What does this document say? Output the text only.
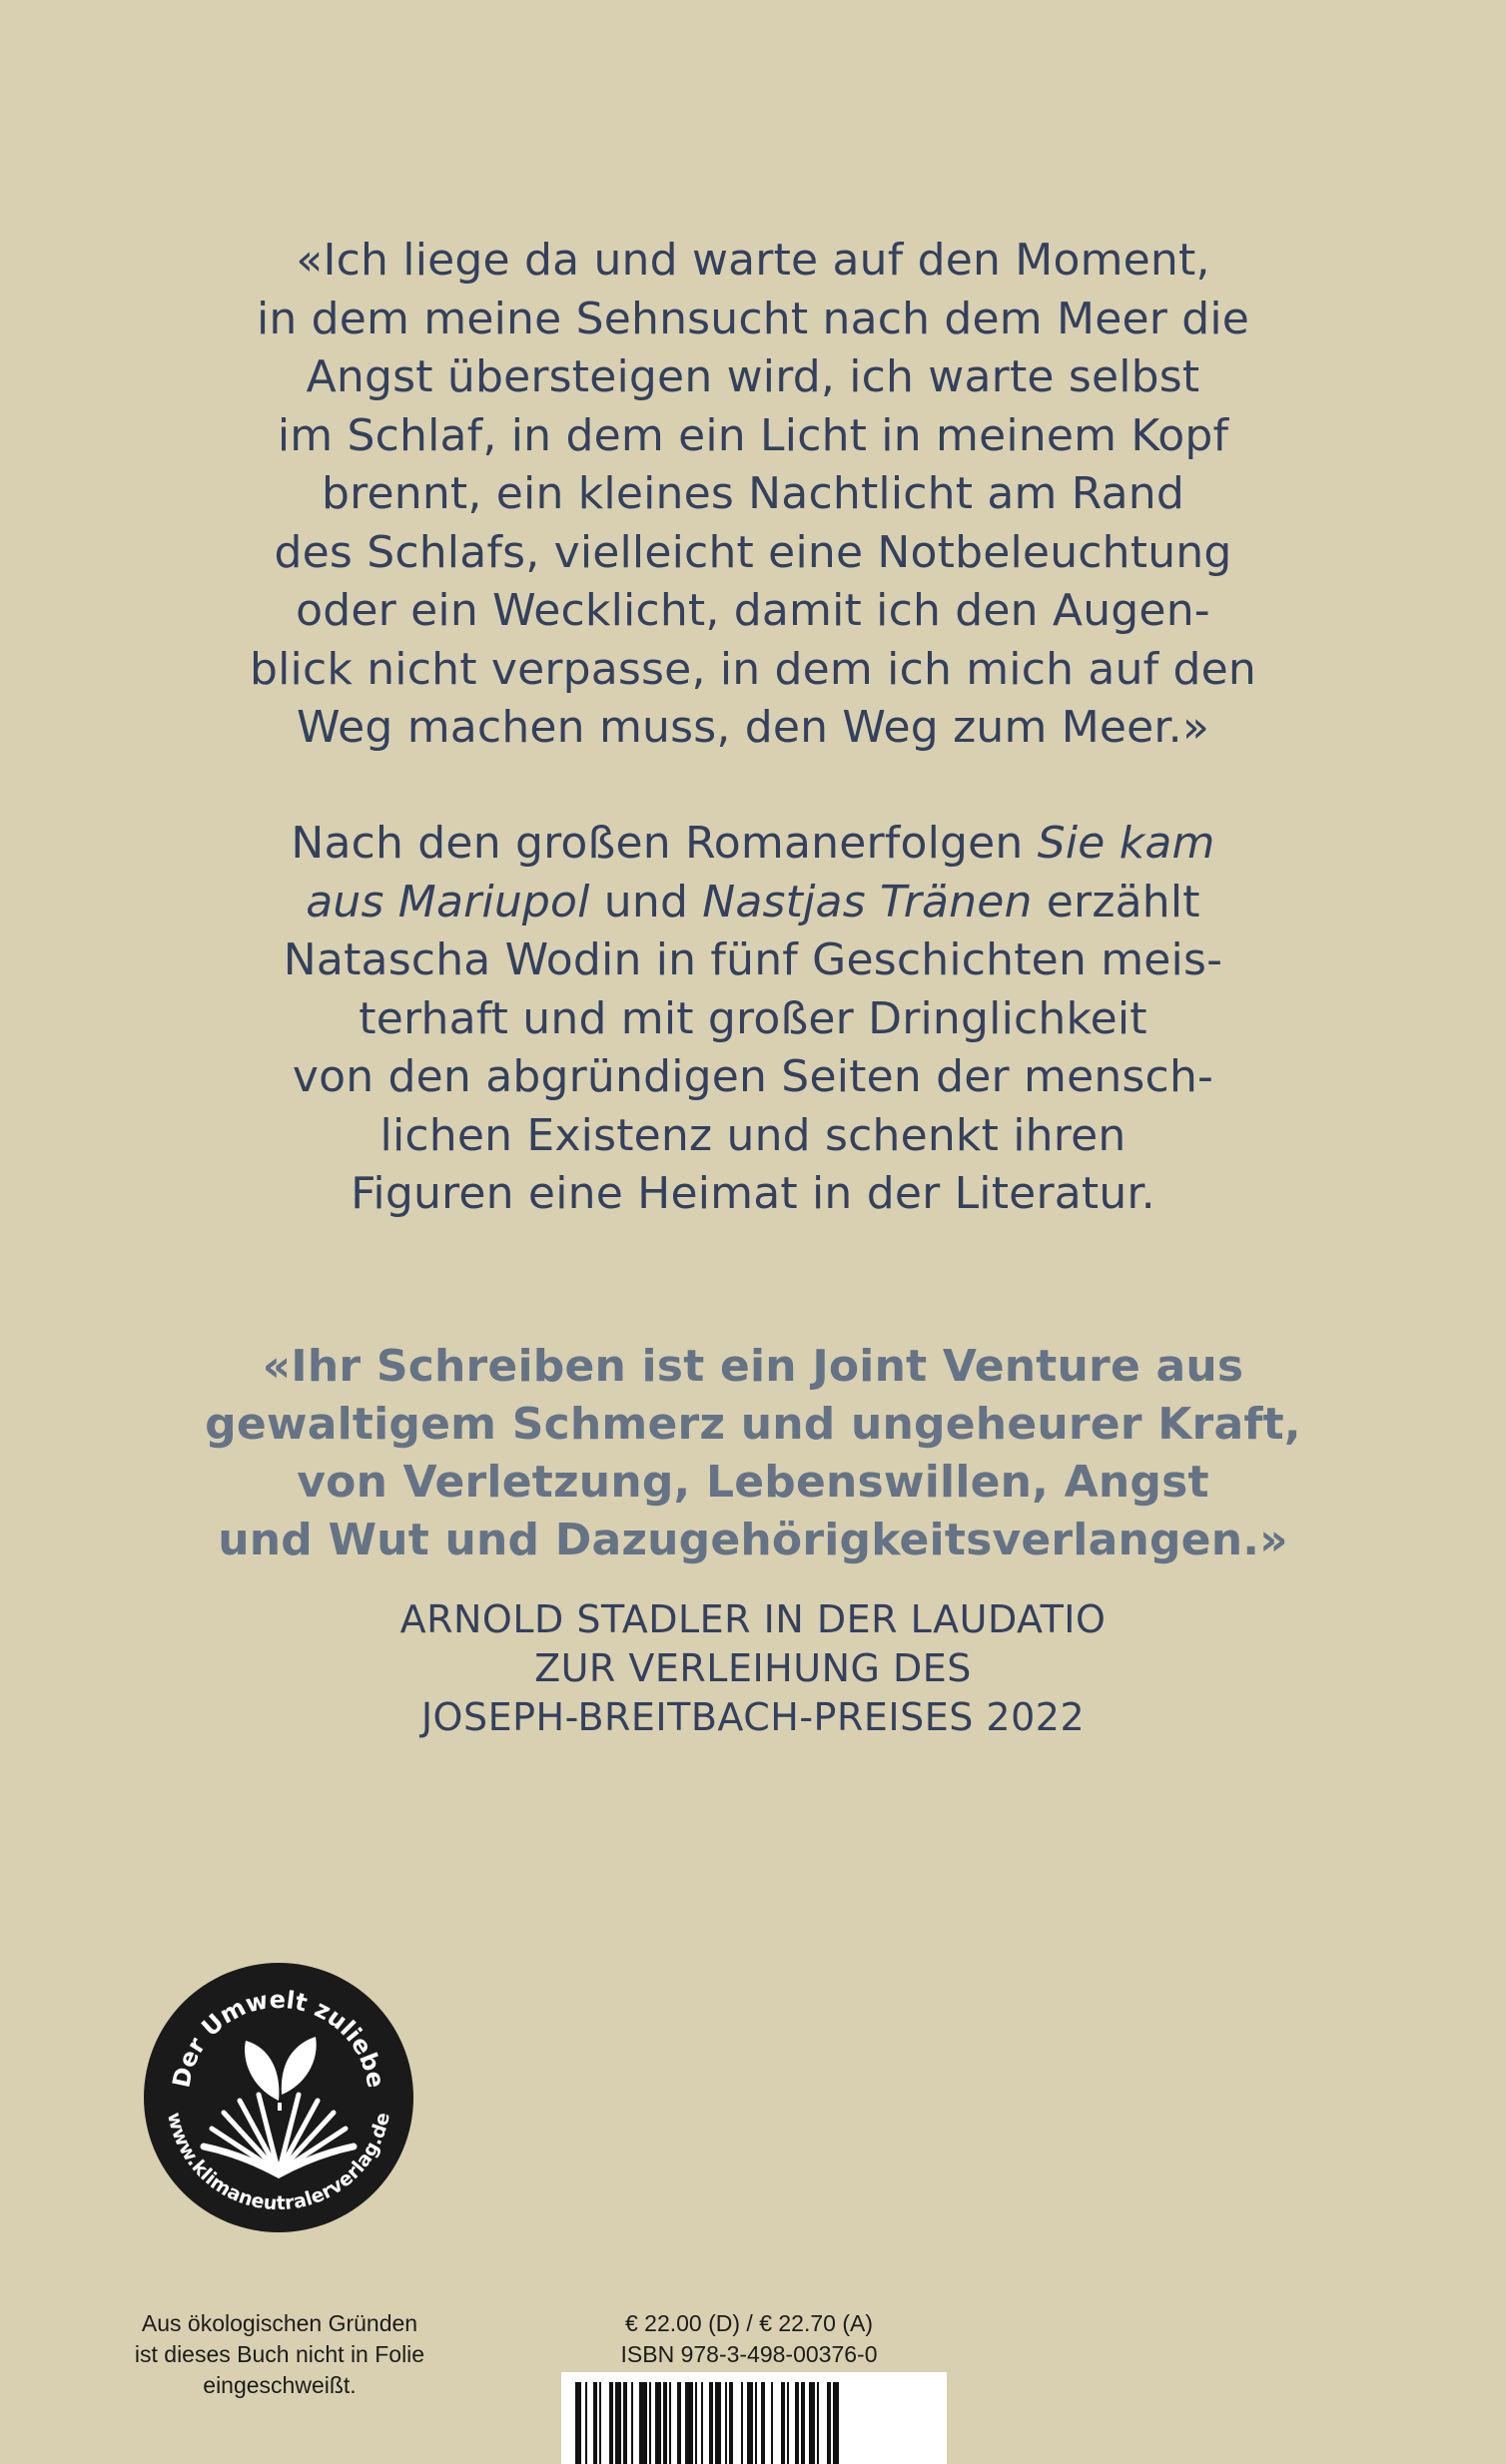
«Ich liege da und warte auf den Moment,
in dem meine Sehnsucht nach dem Meer die
Angst übersteigen wird, ich warte selbst
im Schlaf, in dem ein Licht in meinem Kopf
brennt, ein kleines Nachtlicht am Rand
des Schlafs, vielleicht eine Notbeleuchtung
oder ein Wecklicht, damit ich den Augen-
blick nicht verpasse, in dem ich mich auf den
Weg machen muss, den Weg zum Meer.»
Nach den großen Romanerfolgen Sie kam
aus Mariupol und Nastjas Tränen erzählt
Natascha Wodin in fünf Geschichten meis-
terhaft und mit großer Dringlichkeit
von den abgründigen Seiten der mensch-
lichen Existenz und schenkt ihren
Figuren eine Heimat in der Literatur.
«Ihr Schreiben ist ein Joint Venture aus
gewaltigem Schmerz und ungeheurer Kraft,
von Verletzung, Lebenswillen, Angst
und Wut und Dazugehörigkeitsverlangen.»
ARNOLD STADLER IN DER LAUDATIO
ZUR VERLEIHUNG DES
JOSEPH-BREITBACH-PREISES 2022
Der Umwelt zuliebe
www.klimaneutralerverlag.de
Aus ökologischen Gründen
ist dieses Buch nicht in Folie
eingeschweißt.
€ 22.00 (D) / € 22.70 (A)
ISBN 978-3-498-00376-0
